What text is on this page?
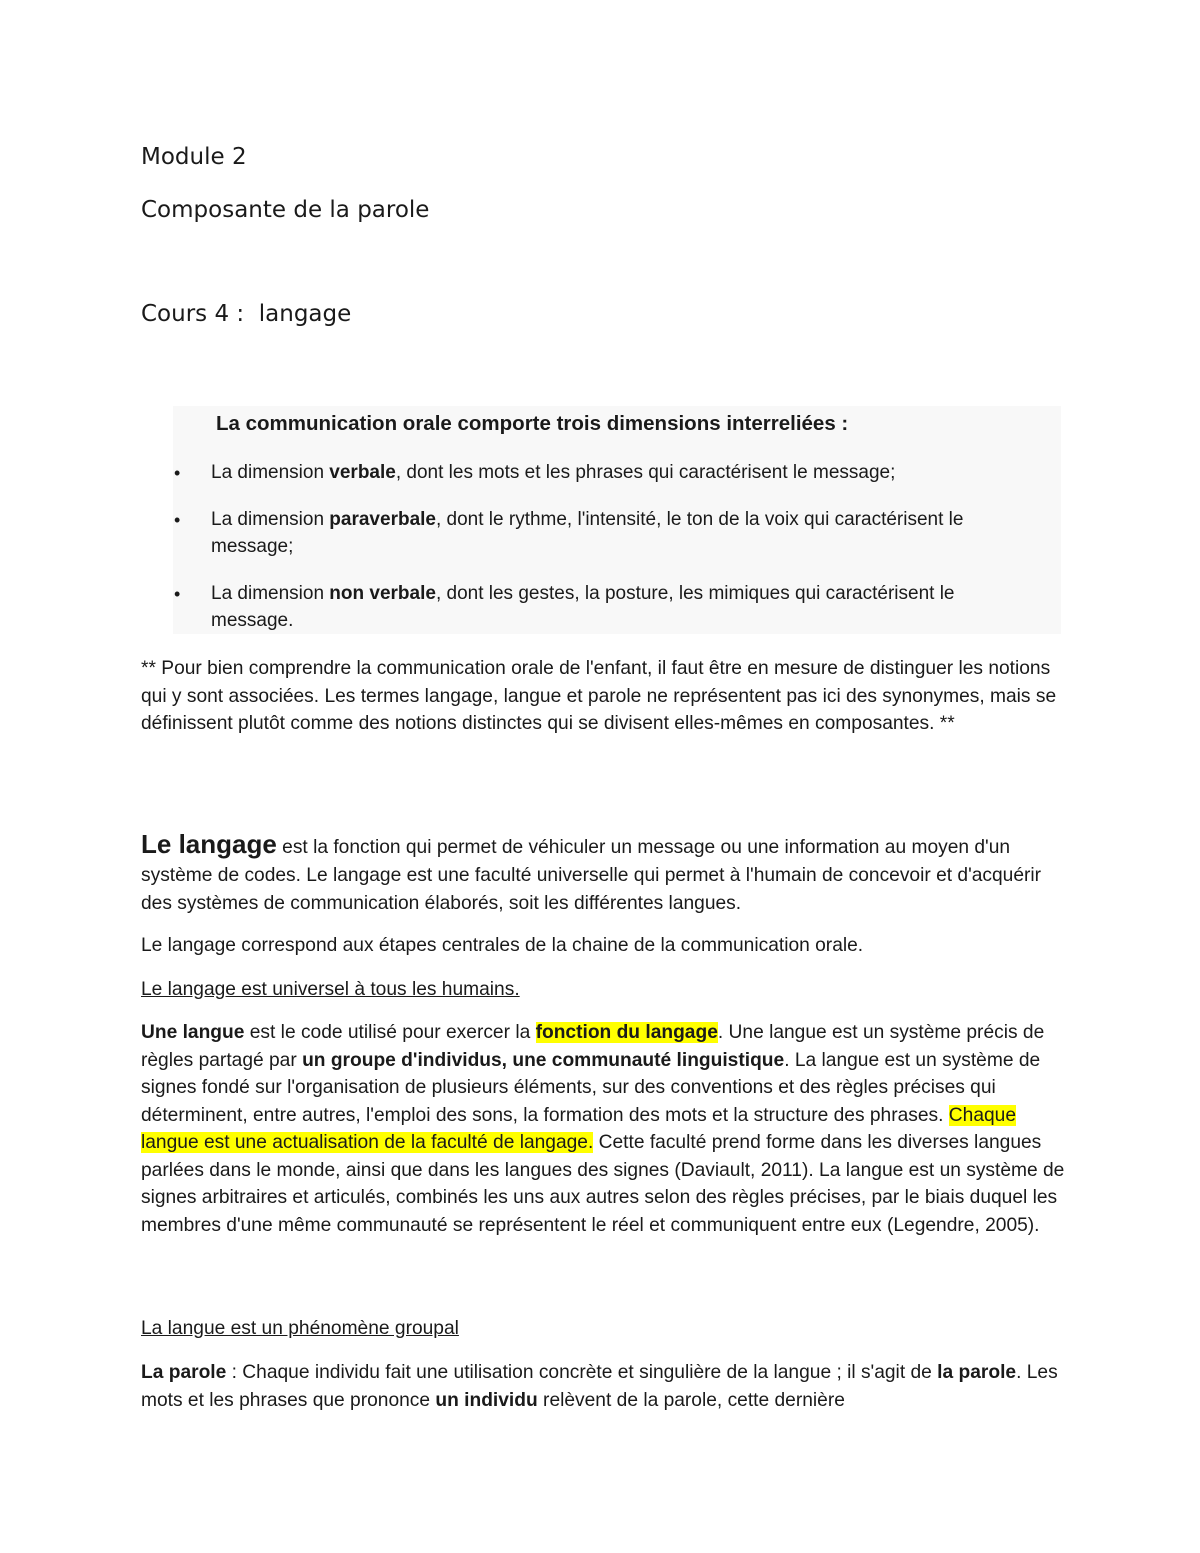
Module 2

Composante de la parole

Cours 4 :  langage

La communication orale comporte trois dimensions interreliées :

•	La dimension verbale, dont les mots et les phrases qui caractérisent le message;
•	La dimension paraverbale, dont le rythme, l'intensité, le ton de la voix qui caractérisent le message;
•	La dimension non verbale, dont les gestes, la posture, les mimiques qui caractérisent le message.

** Pour bien comprendre la communication orale de l'enfant, il faut être en mesure de distinguer les notions qui y sont associées. Les termes langage, langue et parole ne représentent pas ici des synonymes, mais se définissent plutôt comme des notions distinctes qui se divisent elles-mêmes en composantes. **

Le langage est la fonction qui permet de véhiculer un message ou une information au moyen d'un système de codes. Le langage est une faculté universelle qui permet à l'humain de concevoir et d'acquérir des systèmes de communication élaborés, soit les différentes langues.

Le langage correspond aux étapes centrales de la chaine de la communication orale.

Le langage est universel à tous les humains.

Une langue est le code utilisé pour exercer la fonction du langage. Une langue est un système précis de règles partagé par un groupe d'individus, une communauté linguistique. La langue est un système de signes fondé sur l'organisation de plusieurs éléments, sur des conventions et des règles précises qui déterminent, entre autres, l'emploi des sons, la formation des mots et la structure des phrases. Chaque langue est une actualisation de la faculté de langage. Cette faculté prend forme dans les diverses langues parlées dans le monde, ainsi que dans les langues des signes (Daviault, 2011). La langue est un système de signes arbitraires et articulés, combinés les uns aux autres selon des règles précises, par le biais duquel les membres d'une même communauté se représentent le réel et communiquent entre eux (Legendre, 2005).

La langue est un phénomène groupal

La parole : Chaque individu fait une utilisation concrète et singulière de la langue ; il s'agit de la parole. Les mots et les phrases que prononce un individu relèvent de la parole, cette dernière
